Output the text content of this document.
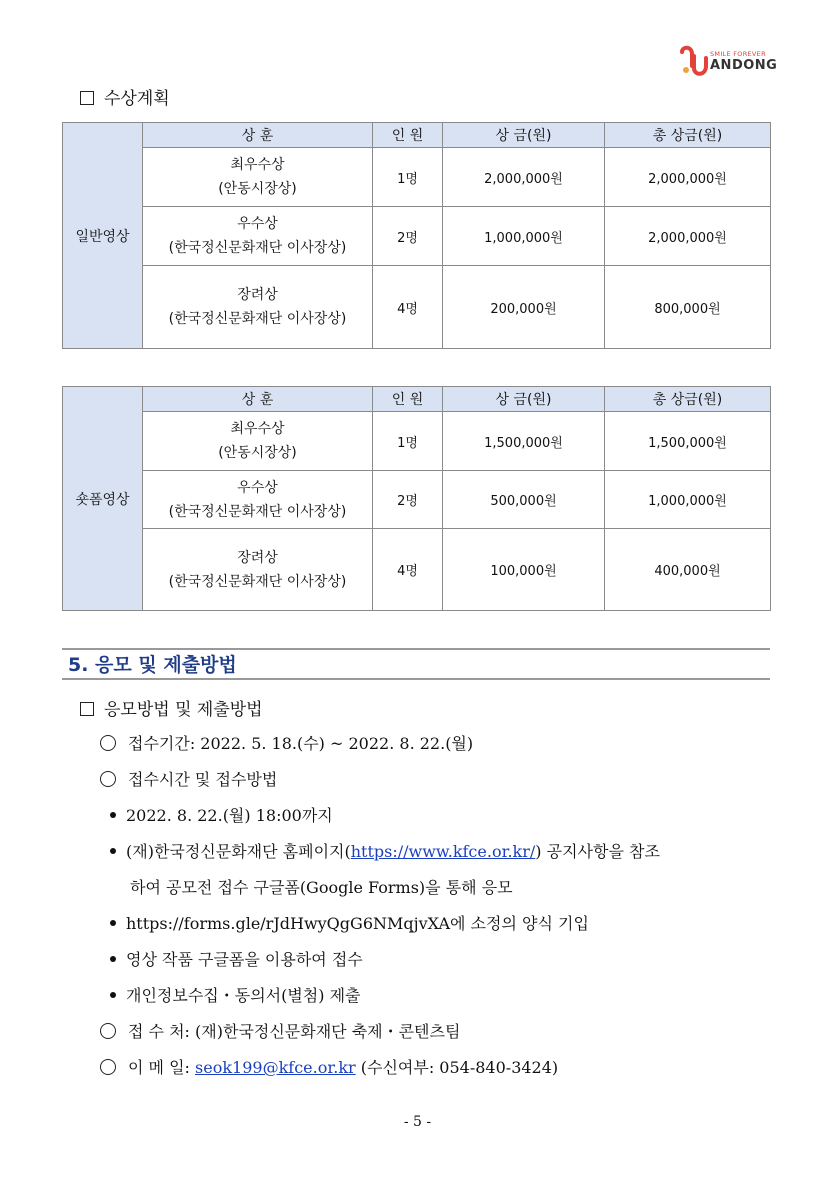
SMILE FOREVER
ANDONG
수상계획
일반영상	상 훈	인 원	상 금(원)	총 상금(원)

	최우수상
(안동시장상)	1명	2,000,000원	2,000,000원

	우수상
(한국정신문화재단 이사장상)	2명	1,000,000원	2,000,000원

	장려상
(한국정신문화재단 이사장상)	4명	200,000원	800,000원
숏폼영상	상 훈	인 원	상 금(원)	총 상금(원)

	최우수상
(안동시장상)	1명	1,500,000원	1,500,000원

	우수상
(한국정신문화재단 이사장상)	2명	500,000원	1,000,000원

	장려상
(한국정신문화재단 이사장상)	4명	100,000원	400,000원
5. 응모 및 제출방법
응모방법 및 제출방법
접수기간: 2022. 5. 18.(수) ~ 2022. 8. 22.(월)
접수시간 및 접수방법
2022. 8. 22.(월) 18:00까지
(재)한국정신문화재단 홈페이지(https://www.kfce.or.kr/) 공지사항을 참조
하여 공모전 접수 구글폼(Google Forms)을 통해 응모
https://forms.gle/rJdHwyQgG6NMqjvXA에 소정의 양식 기입
영상 작품 구글폼을 이용하여 접수
개인정보수집・동의서(별첨) 제출
접 수 처: (재)한국정신문화재단 축제・콘텐츠팀
이 메 일: seok199@kfce.or.kr (수신여부: 054-840-3424)
- 5 -
